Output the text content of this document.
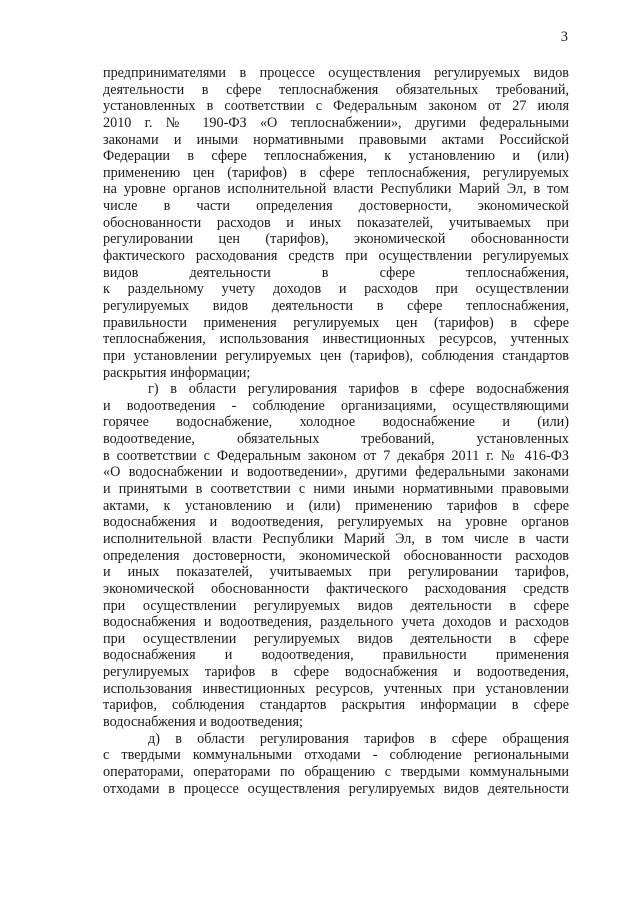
3
предпринимателями в процессе осуществления регулируемых видов
деятельности в сфере теплоснабжения обязательных требований,
установленных в соответствии с Федеральным законом от 27 июля
2010 г. № 190-ФЗ «О теплоснабжении», другими федеральными
законами и иными нормативными правовыми актами Российской
Федерации в сфере теплоснабжения, к установлению и (или)
применению цен (тарифов) в сфере теплоснабжения, регулируемых
на уровне органов исполнительной власти Республики Марий Эл, в том
числе в части определения достоверности, экономической
обоснованности расходов и иных показателей, учитываемых при
регулировании цен (тарифов), экономической обоснованности
фактического расходования средств при осуществлении регулируемых
видов деятельности в сфере теплоснабжения,
к раздельному учету доходов и расходов при осуществлении
регулируемых видов деятельности в сфере теплоснабжения,
правильности применения регулируемых цен (тарифов) в сфере
теплоснабжения, использования инвестиционных ресурсов, учтенных
при установлении регулируемых цен (тарифов), соблюдения стандартов
раскрытия информации;
г) в области регулирования тарифов в сфере водоснабжения
и водоотведения - соблюдение организациями, осуществляющими
горячее водоснабжение, холодное водоснабжение и (или)
водоотведение, обязательных требований, установленных
в соответствии с Федеральным законом от 7 декабря 2011 г. № 416-ФЗ
«О водоснабжении и водоотведении», другими федеральными законами
и принятыми в соответствии с ними иными нормативными правовыми
актами, к установлению и (или) применению тарифов в сфере
водоснабжения и водоотведения, регулируемых на уровне органов
исполнительной власти Республики Марий Эл, в том числе в части
определения достоверности, экономической обоснованности расходов
и иных показателей, учитываемых при регулировании тарифов,
экономической обоснованности фактического расходования средств
при осуществлении регулируемых видов деятельности в сфере
водоснабжения и водоотведения, раздельного учета доходов и расходов
при осуществлении регулируемых видов деятельности в сфере
водоснабжения и водоотведения, правильности применения
регулируемых тарифов в сфере водоснабжения и водоотведения,
использования инвестиционных ресурсов, учтенных при установлении
тарифов, соблюдения стандартов раскрытия информации в сфере
водоснабжения и водоотведения;
д) в области регулирования тарифов в сфере обращения
с твердыми коммунальными отходами - соблюдение региональными
операторами, операторами по обращению с твердыми коммунальными
отходами в процессе осуществления регулируемых видов деятельности
